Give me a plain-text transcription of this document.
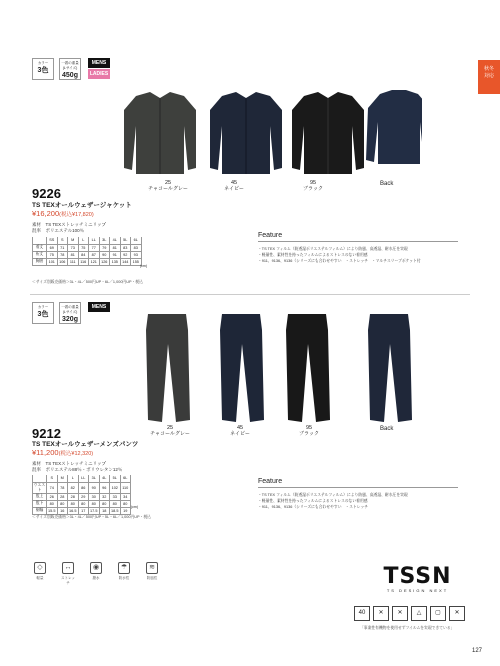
秋冬
対応
カラー
3色
一着の重量(Lサイズ)
450g
MENS
LADIES
25
チャコールグレー
45
ネイビー
95
ブラック
Back
9226
TS TEXオールウェザージャケット
¥16,200(税込¥17,820)
素材　TS TEXストレッチミニリップ
混率　ポリエステル100％
	SS	S	M	L	LL	3L	4L	5L	6L
着丈	69	71	73	75	77	79	81	83	83
裄丈	75	78	81	84	87	90	91	92	93
胸囲	101	106	111	116	121	126	135	144	155
(cm)
＜サイズ別販売価格＞3L・4L／500円UP・6L／1,000円UP・税込
Feature

・TS TEX フィルム（防透湿ポリエステルフィルム）により防風、高透湿、耐水圧を実現

・軽量性、素材性を持ったフィルムによるストレスのない着用感

・911、9136、9136（シリーズにも合わせやすい　・ストレッチ　・マルチスリーブポケット付

カラー
3色
一着の重量(Lサイズ)
320g
MENS
25
チャコールグレー
45
ネイビー
95
ブラック
Back
9212
TS TEXオールウェザーメンズパンツ
¥11,200(税込¥12,320)
素材　TS TEXストレッチミニリップ
混率　ポリエステル88％・ポリウレタン12％
	S	M	L	LL	3L	4L	5L	6L
ウエスト	74	78	82	86	90	96	102	110
股上	26	28	28	29	30	32	33	34
股下	80	80	80	80	80	80	80	80
裾幅	15.5	16	16.5	17	17.5	18	18.5	19
(cm)
＜サイズ別販売価格＞3L・4L／500円UP・5L・6L／1,000円UP・税込
Feature

・TS TEX フィルム（防透湿ポリエステルフィルム）により防風、高透湿、耐水圧を実現

・軽量性、素材性を持ったフィルムによるストレスのない着用感

・911、9136、9136（シリーズにも合わせやすい　・ストレッチ

◇
軽量
↔
ストレッチ
◉
撥水
☂
防水性
≋
防風性	TSSN
TS DESIGN NEXT
40	✕	✕	△	▢	✕
「事業性有機物を使用せずフイルムを実現できている」
127
